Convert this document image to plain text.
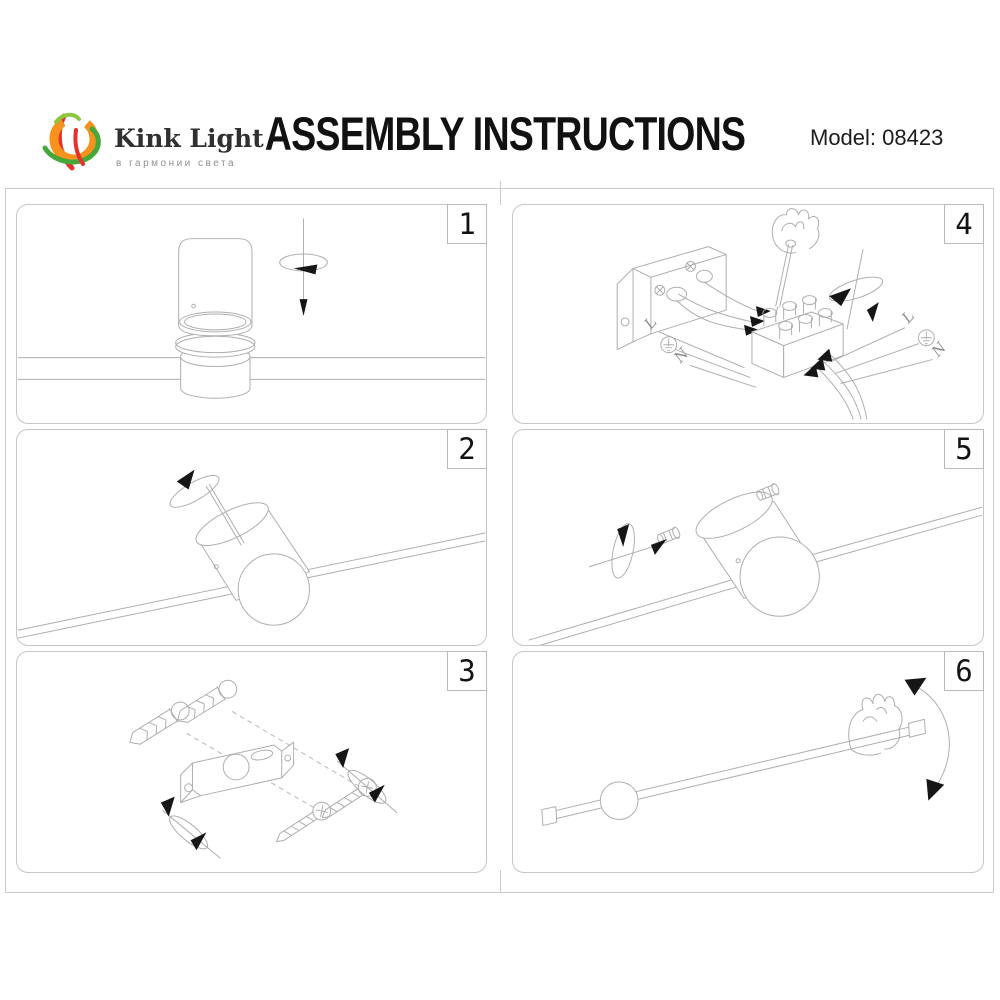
Kink Light
в гармонии света
ASSEMBLY INSTRUCTIONS	Model: 08423
1
L
N
L
N
4
2	5
3	6
